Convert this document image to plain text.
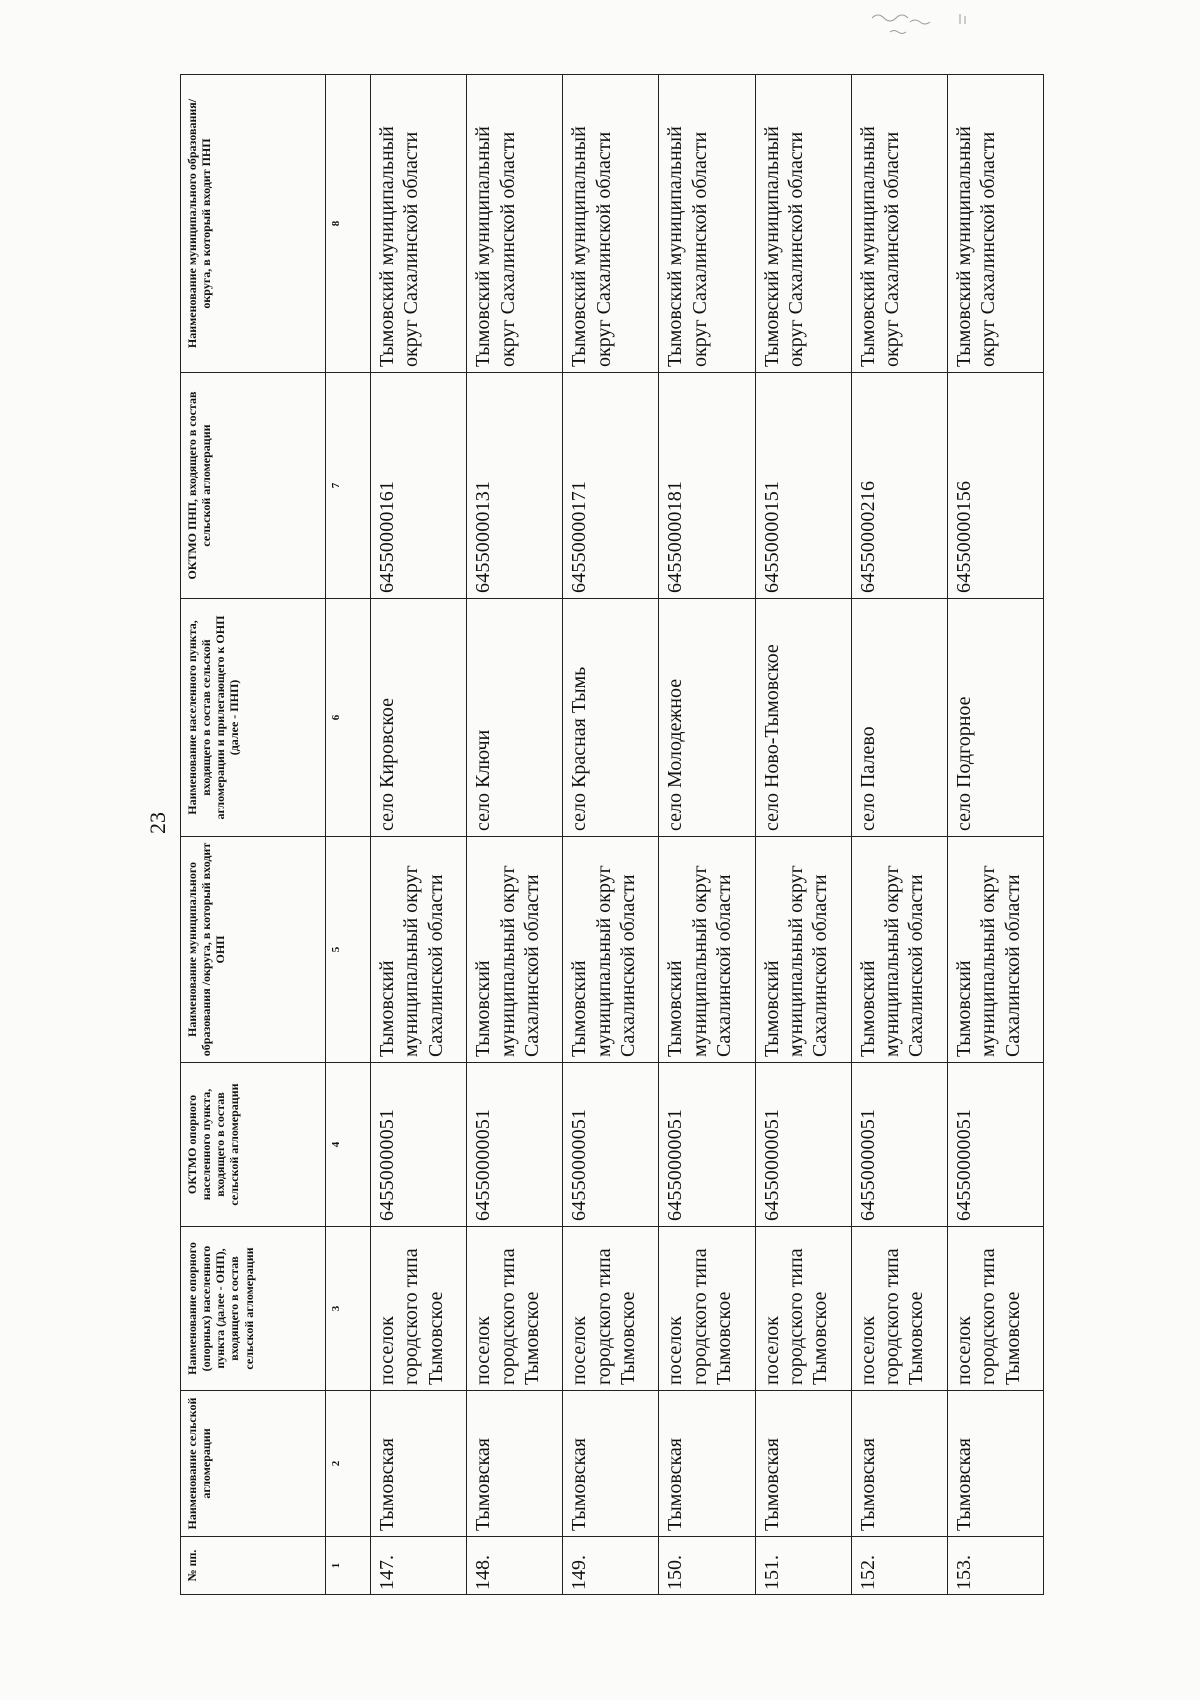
23
№ пп.	Наименование сельской агломерации	Наименование опорного (опорных) населенного пункта (далее - ОНП), входящего в состав сельской агломерации	ОКТМО опорного населенного пункта, входящего в состав сельской агломерации	Наименование муниципального образования /округа, в который входит ОНП	Наименование населенного пункта, входящего в состав сельской агломерации и прилегающего к ОНП (далее - ПНП)	ОКТМО ПНП, входящего в состав сельской агломерации	Наименование муниципального образования/округа, в который входит ПНП
1	2	3	4	5	6	7	8
147.	Тымовская	поселок городского типа Тымовское	64550000051	Тымовский муниципальный округ Сахалинской области	село Кировское	64550000161	Тымовский муниципальный округ Сахалинской области
148.	Тымовская	поселок городского типа Тымовское	64550000051	Тымовский муниципальный округ Сахалинской области	село Ключи	64550000131	Тымовский муниципальный округ Сахалинской области
149.	Тымовская	поселок городского типа Тымовское	64550000051	Тымовский муниципальный округ Сахалинской области	село Красная Тымь	64550000171	Тымовский муниципальный округ Сахалинской области
150.	Тымовская	поселок городского типа Тымовское	64550000051	Тымовский муниципальный округ Сахалинской области	село Молодежное	64550000181	Тымовский муниципальный округ Сахалинской области
151.	Тымовская	поселок городского типа Тымовское	64550000051	Тымовский муниципальный округ Сахалинской области	село Ново-Тымовское	64550000151	Тымовский муниципальный округ Сахалинской области
152.	Тымовская	поселок городского типа Тымовское	64550000051	Тымовский муниципальный округ Сахалинской области	село Палево	64550000216	Тымовский муниципальный округ Сахалинской области
153.	Тымовская	поселок городского типа Тымовское	64550000051	Тымовский муниципальный округ Сахалинской области	село Подгорное	64550000156	Тымовский муниципальный округ Сахалинской области
